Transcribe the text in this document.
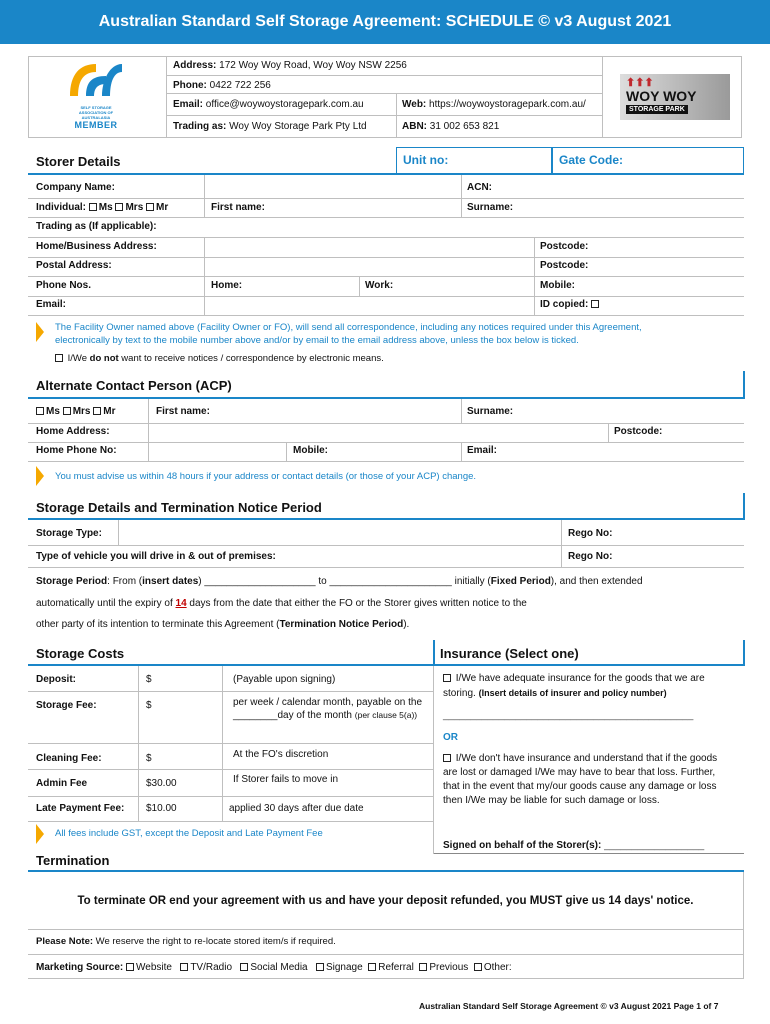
Australian Standard Self Storage Agreement: SCHEDULE © v3 August 2021
SELF STORAGE
ASSOCIATION OF
AUSTRALASIA
MEMBER
Address: 172 Woy Woy Road, Woy Woy NSW 2256
Phone: 0422 722 256
Email: office@woywoystoragepark.com.au	Web: https://woywoystoragepark.com.au/
Trading as: Woy Woy Storage Park Pty Ltd	ABN: 31 002 653 821
⬆⬆⬆
WOY WOY
STORAGE PARK
Storer Details	Unit no:	Gate Code:
Company Name:	ACN:
Individual: Ms Mrs Mr	First name:	Surname:
Trading as (If applicable):
Home/Business Address:	Postcode:
Postal Address:	Postcode:
Phone Nos.	Home:	Work:	Mobile:
Email:	ID copied:
The Facility Owner named above (Facility Owner or FO), will send all correspondence, including any notices required under this Agreement,
electronically by text to the mobile number above and/or by email to the email address above, unless the box below is ticked.
I/We do not want to receive notices / correspondence by electronic means.
Alternate Contact Person (ACP)
Ms Mrs Mr	First name:	Surname:
Home Address:	Postcode:
Home Phone No:	Mobile:	Email:
You must advise us within 48 hours if your address or contact details (or those of your ACP) change.
Storage Details and Termination Notice Period
Storage Type:	Rego No:
Type of vehicle you will drive in & out of premises:	Rego No:
Storage Period: From (insert dates) ____________________ to ______________________ initially (Fixed Period), and then extended
automatically until the expiry of 14 days from the date that either the FO or the Storer gives written notice to the
other party of its intention to terminate this Agreement (Termination Notice Period).
Storage Costs
Deposit:	$	(Payable upon signing)
Storage Fee:	$	per week / calendar month, payable on the ________day of the month (per clause 5(a))
Cleaning Fee:	$	At the FO's discretion
Admin Fee	$30.00	If Storer fails to move in
Late Payment Fee: $10.00	applied 30 days after due date
All fees include GST, except the Deposit and Late Payment Fee
Insurance (Select one)
I/We have adequate insurance for the goods that we are storing. (Insert details of insurer and policy number)
_____________________________________________
OR
I/We don't have insurance and understand that if the goods are lost or damaged I/We may have to bear that loss. Further, that in the event that my/our goods cause any damage or loss then I/We may be liable for such damage or loss.
Signed on behalf of the Storer(s): __________________
Termination
To terminate OR end your agreement with us and have your deposit refunded, you MUST give us 14 days' notice.
Please Note: We reserve the right to re-locate stored item/s if required.
Marketing Source: Website TV/Radio Social Media Signage Referral Previous Other:
Australian Standard Self Storage Agreement © v3 August 2021 Page 1 of 7
